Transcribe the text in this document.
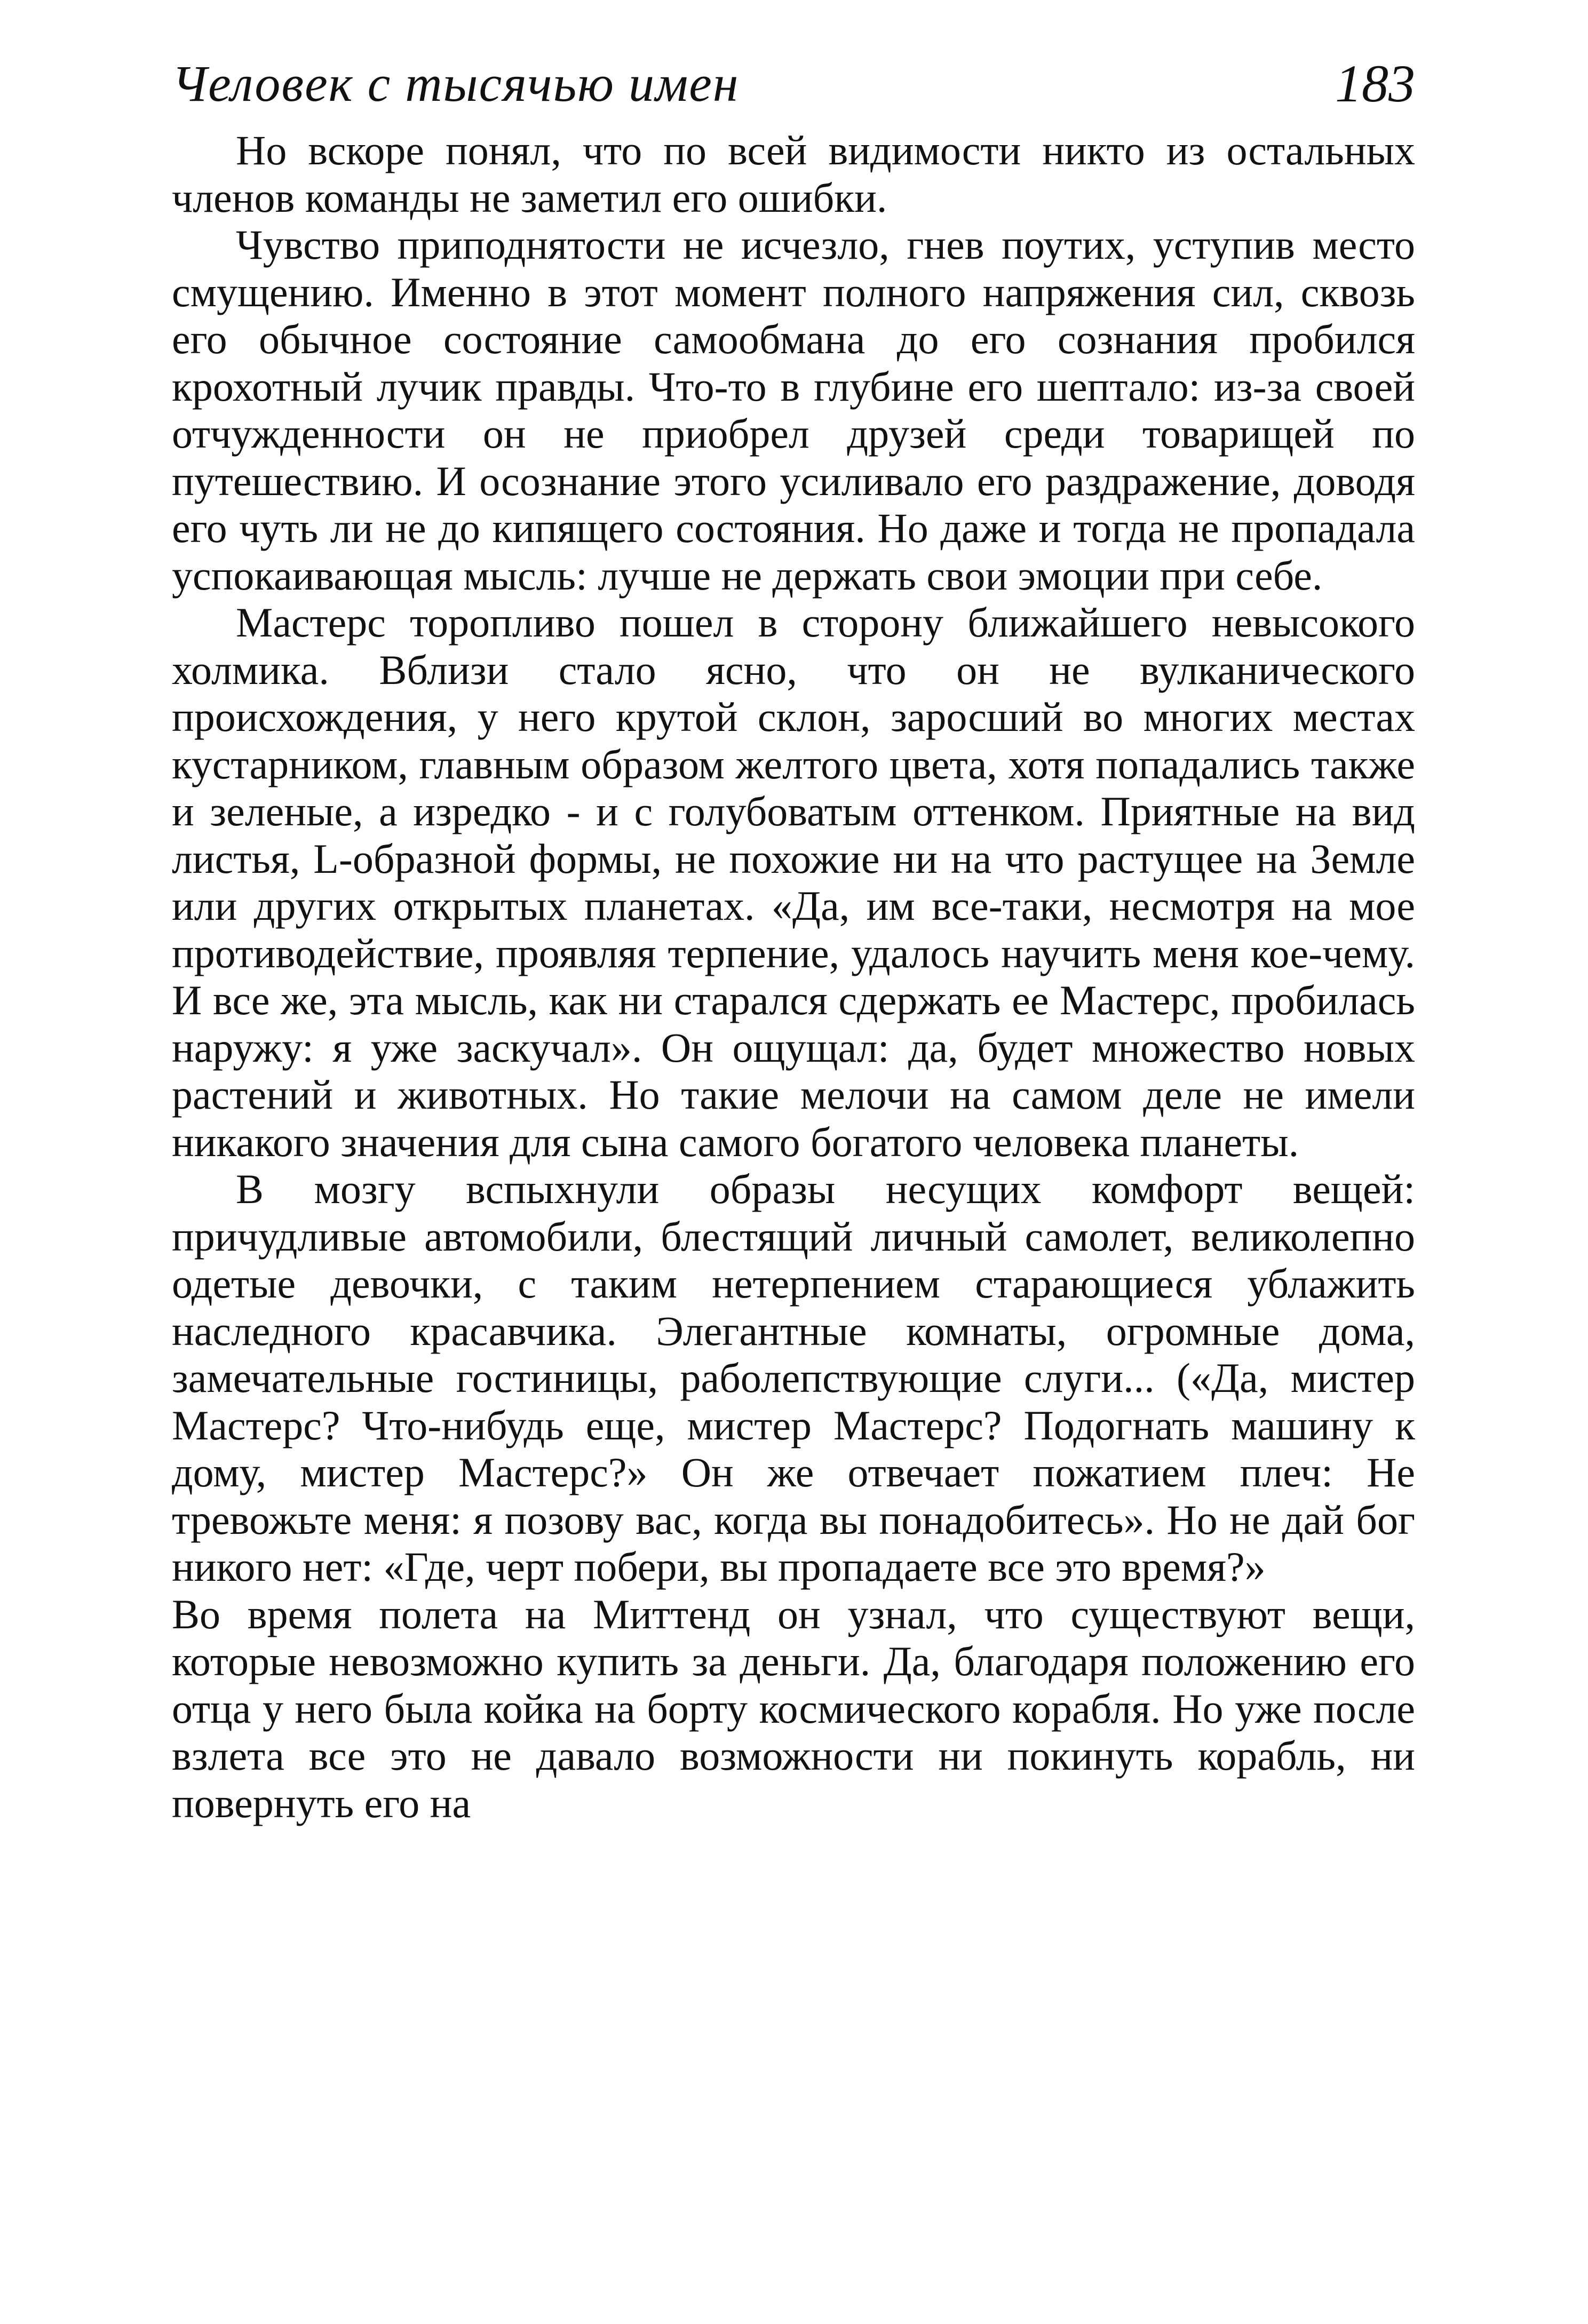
Человек с тысячью имен	183

Но вскоре понял, что по всей видимости никто из остальных членов команды не заметил его ошибки.

Чувство приподнятости не исчезло, гнев поутих, уступив место смущению. Именно в этот момент полного напряжения сил, сквозь его обычное состояние самообмана до его сознания пробился крохотный лучик правды. Что-то в глубине его шептало: из-за своей отчужденности он не приобрел друзей среди товарищей по путешествию. И осознание этого усиливало его раздражение, доводя его чуть ли не до кипящего состояния. Но даже и тогда не пропадала успокаивающая мысль: лучше не держать свои эмоции при себе.

Мастерс торопливо пошел в сторону ближайшего невысокого холмика. Вблизи стало ясно, что он не вулканического происхождения, у него крутой склон, заросший во многих местах кустарником, главным образом желтого цвета, хотя попадались также и зеленые, а изредко - и с голубоватым оттенком. Приятные на вид листья, L-образной формы, не похожие ни на что растущее на Земле или других открытых планетах. «Да, им все-таки, несмотря на мое противодействие, проявляя терпение, удалось научить меня кое-чему. И все же, эта мысль, как ни старался сдержать ее Мастерс, пробилась наружу: я уже заскучал». Он ощущал: да, будет множество новых растений и животных. Но такие мелочи на самом деле не имели никакого значения для сына самого богатого человека планеты.

В мозгу вспыхнули образы несущих комфорт вещей: причудливые автомобили, блестящий личный самолет, великолепно одетые девочки, с таким нетерпением старающиеся ублажить наследного красавчика. Элегантные комнаты, огромные дома, замечательные гостиницы, раболепствующие слуги... («Да, мистер Мастерс? Что-нибудь еще, мистер Мастерс? Подогнать машину к дому, мистер Мастерс?» Он же отвечает пожатием плеч: Не тревожьте меня: я позову вас, когда вы понадобитесь». Но не дай бог никого нет: «Где, черт побери, вы пропадаете все это время?»

Во время полета на Миттенд он узнал, что существуют вещи, которые невозможно купить за деньги. Да, благодаря положению его отца у него была койка на борту космического корабля. Но уже после взлета все это не давало возможности ни покинуть корабль, ни повернуть его на
